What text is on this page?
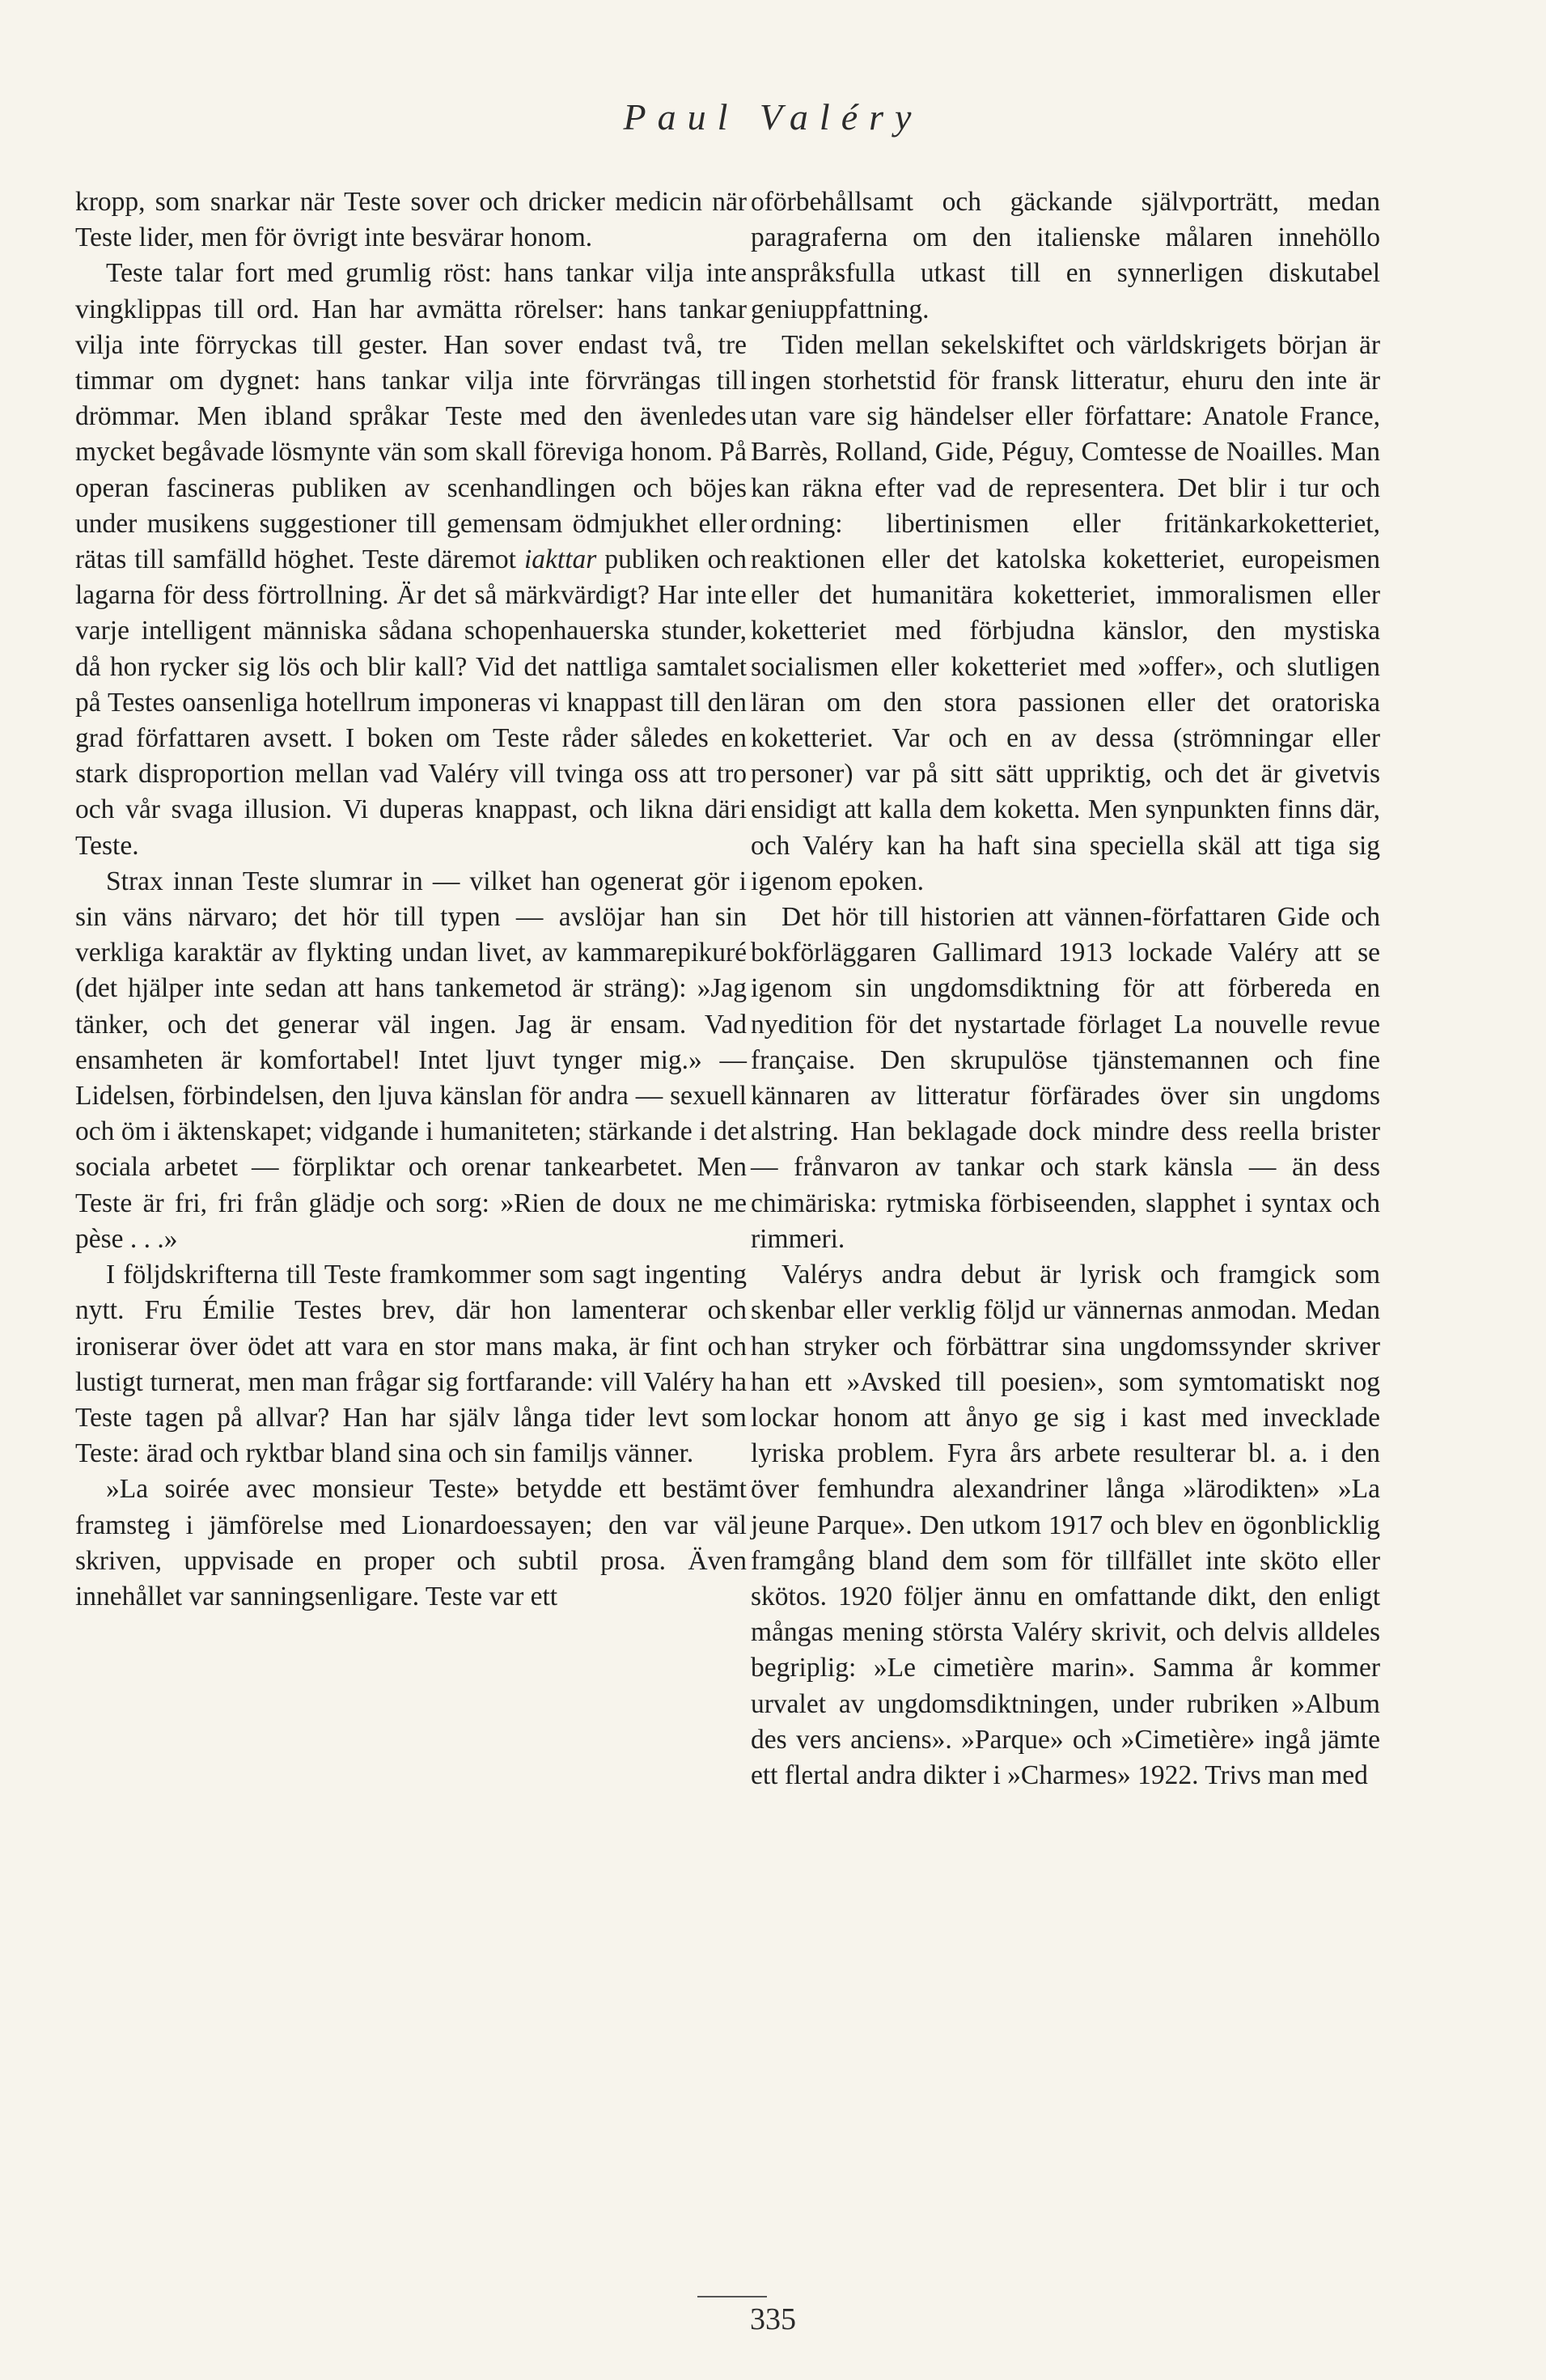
Paul Valéry

kropp, som snarkar när Teste sover och dricker medicin när Teste lider, men för övrigt inte besvärar honom.

Teste talar fort med grumlig röst: hans tankar vilja inte vingklippas till ord. Han har avmätta rörelser: hans tankar vilja inte förryckas till gester. Han sover endast två, tre timmar om dygnet: hans tankar vilja inte förvrängas till drömmar. Men ibland språkar Teste med den ävenledes mycket begåvade lösmynte vän som skall föreviga honom. På operan fascineras publiken av scenhandlingen och böjes under musikens suggestioner till gemensam ödmjukhet eller rätas till samfälld höghet. Teste däremot iakttar publiken och lagarna för dess förtrollning. Är det så märkvärdigt? Har inte varje intelligent människa sådana schopenhauerska stunder, då hon rycker sig lös och blir kall? Vid det nattliga samtalet på Testes oansenliga hotellrum imponeras vi knappast till den grad författaren avsett. I boken om Teste råder således en stark disproportion mellan vad Valéry vill tvinga oss att tro och vår svaga illusion. Vi duperas knappast, och likna däri Teste.

Strax innan Teste slumrar in — vilket han ogenerat gör i sin väns närvaro; det hör till typen — avslöjar han sin verkliga karaktär av flykting undan livet, av kammarepikuré (det hjälper inte sedan att hans tankemetod är sträng): »Jag tänker, och det generar väl ingen. Jag är ensam. Vad ensamheten är komfortabel! Intet ljuvt tynger mig.» — Lidelsen, förbindelsen, den ljuva känslan för andra — sexuell och öm i äktenskapet; vidgande i humaniteten; stärkande i det sociala arbetet — förpliktar och orenar tankearbetet. Men Teste är fri, fri från glädje och sorg: »Rien de doux ne me pèse . . .»

I följdskrifterna till Teste framkommer som sagt ingenting nytt. Fru Émilie Testes brev, där hon lamenterar och ironiserar över ödet att vara en stor mans maka, är fint och lustigt turnerat, men man frågar sig fortfarande: vill Valéry ha Teste tagen på allvar? Han har själv långa tider levt som Teste: ärad och ryktbar bland sina och sin familjs vänner.

»La soirée avec monsieur Teste» betydde ett bestämt framsteg i jämförelse med Lionardoessayen; den var väl skriven, uppvisade en proper och subtil prosa. Även innehållet var sanningsenligare. Teste var ett

oförbehållsamt och gäckande självporträtt, medan paragraferna om den italienske målaren innehöllo anspråksfulla utkast till en synnerligen diskutabel geniuppfattning.

Tiden mellan sekelskiftet och världskrigets början är ingen storhetstid för fransk litteratur, ehuru den inte är utan vare sig händelser eller författare: Anatole France, Barrès, Rolland, Gide, Péguy, Comtesse de Noailles. Man kan räkna efter vad de representera. Det blir i tur och ordning: libertinismen eller fritänkarkoketteriet, reaktionen eller det katolska koketteriet, europeismen eller det humanitära koketteriet, immoralismen eller koketteriet med förbjudna känslor, den mystiska socialismen eller koketteriet med »offer», och slutligen läran om den stora passionen eller det oratoriska koketteriet. Var och en av dessa (strömningar eller personer) var på sitt sätt uppriktig, och det är givetvis ensidigt att kalla dem koketta. Men synpunkten finns där, och Valéry kan ha haft sina speciella skäl att tiga sig igenom epoken.

Det hör till historien att vännen-författaren Gide och bokförläggaren Gallimard 1913 lockade Valéry att se igenom sin ungdomsdiktning för att förbereda en nyedition för det nystartade förlaget La nouvelle revue française. Den skrupulöse tjänstemannen och fine kännaren av litteratur förfärades över sin ungdoms alstring. Han beklagade dock mindre dess reella brister — frånvaron av tankar och stark känsla — än dess chimäriska: rytmiska förbiseenden, slapphet i syntax och rimmeri.

Valérys andra debut är lyrisk och framgick som skenbar eller verklig följd ur vännernas anmodan. Medan han stryker och förbättrar sina ungdomssynder skriver han ett »Avsked till poesien», som symtomatiskt nog lockar honom att ånyo ge sig i kast med invecklade lyriska problem. Fyra års arbete resulterar bl. a. i den över femhundra alexandriner långa »lärodikten» »La jeune Parque». Den utkom 1917 och blev en ögonblicklig framgång bland dem som för tillfället inte sköto eller skötos. 1920 följer ännu en omfattande dikt, den enligt mångas mening största Valéry skrivit, och delvis alldeles begriplig: »Le cimetière marin». Samma år kommer urvalet av ungdomsdiktningen, under rubriken »Album des vers anciens». »Parque» och »Cimetière» ingå jämte ett flertal andra dikter i »Charmes» 1922. Trivs man med

335
